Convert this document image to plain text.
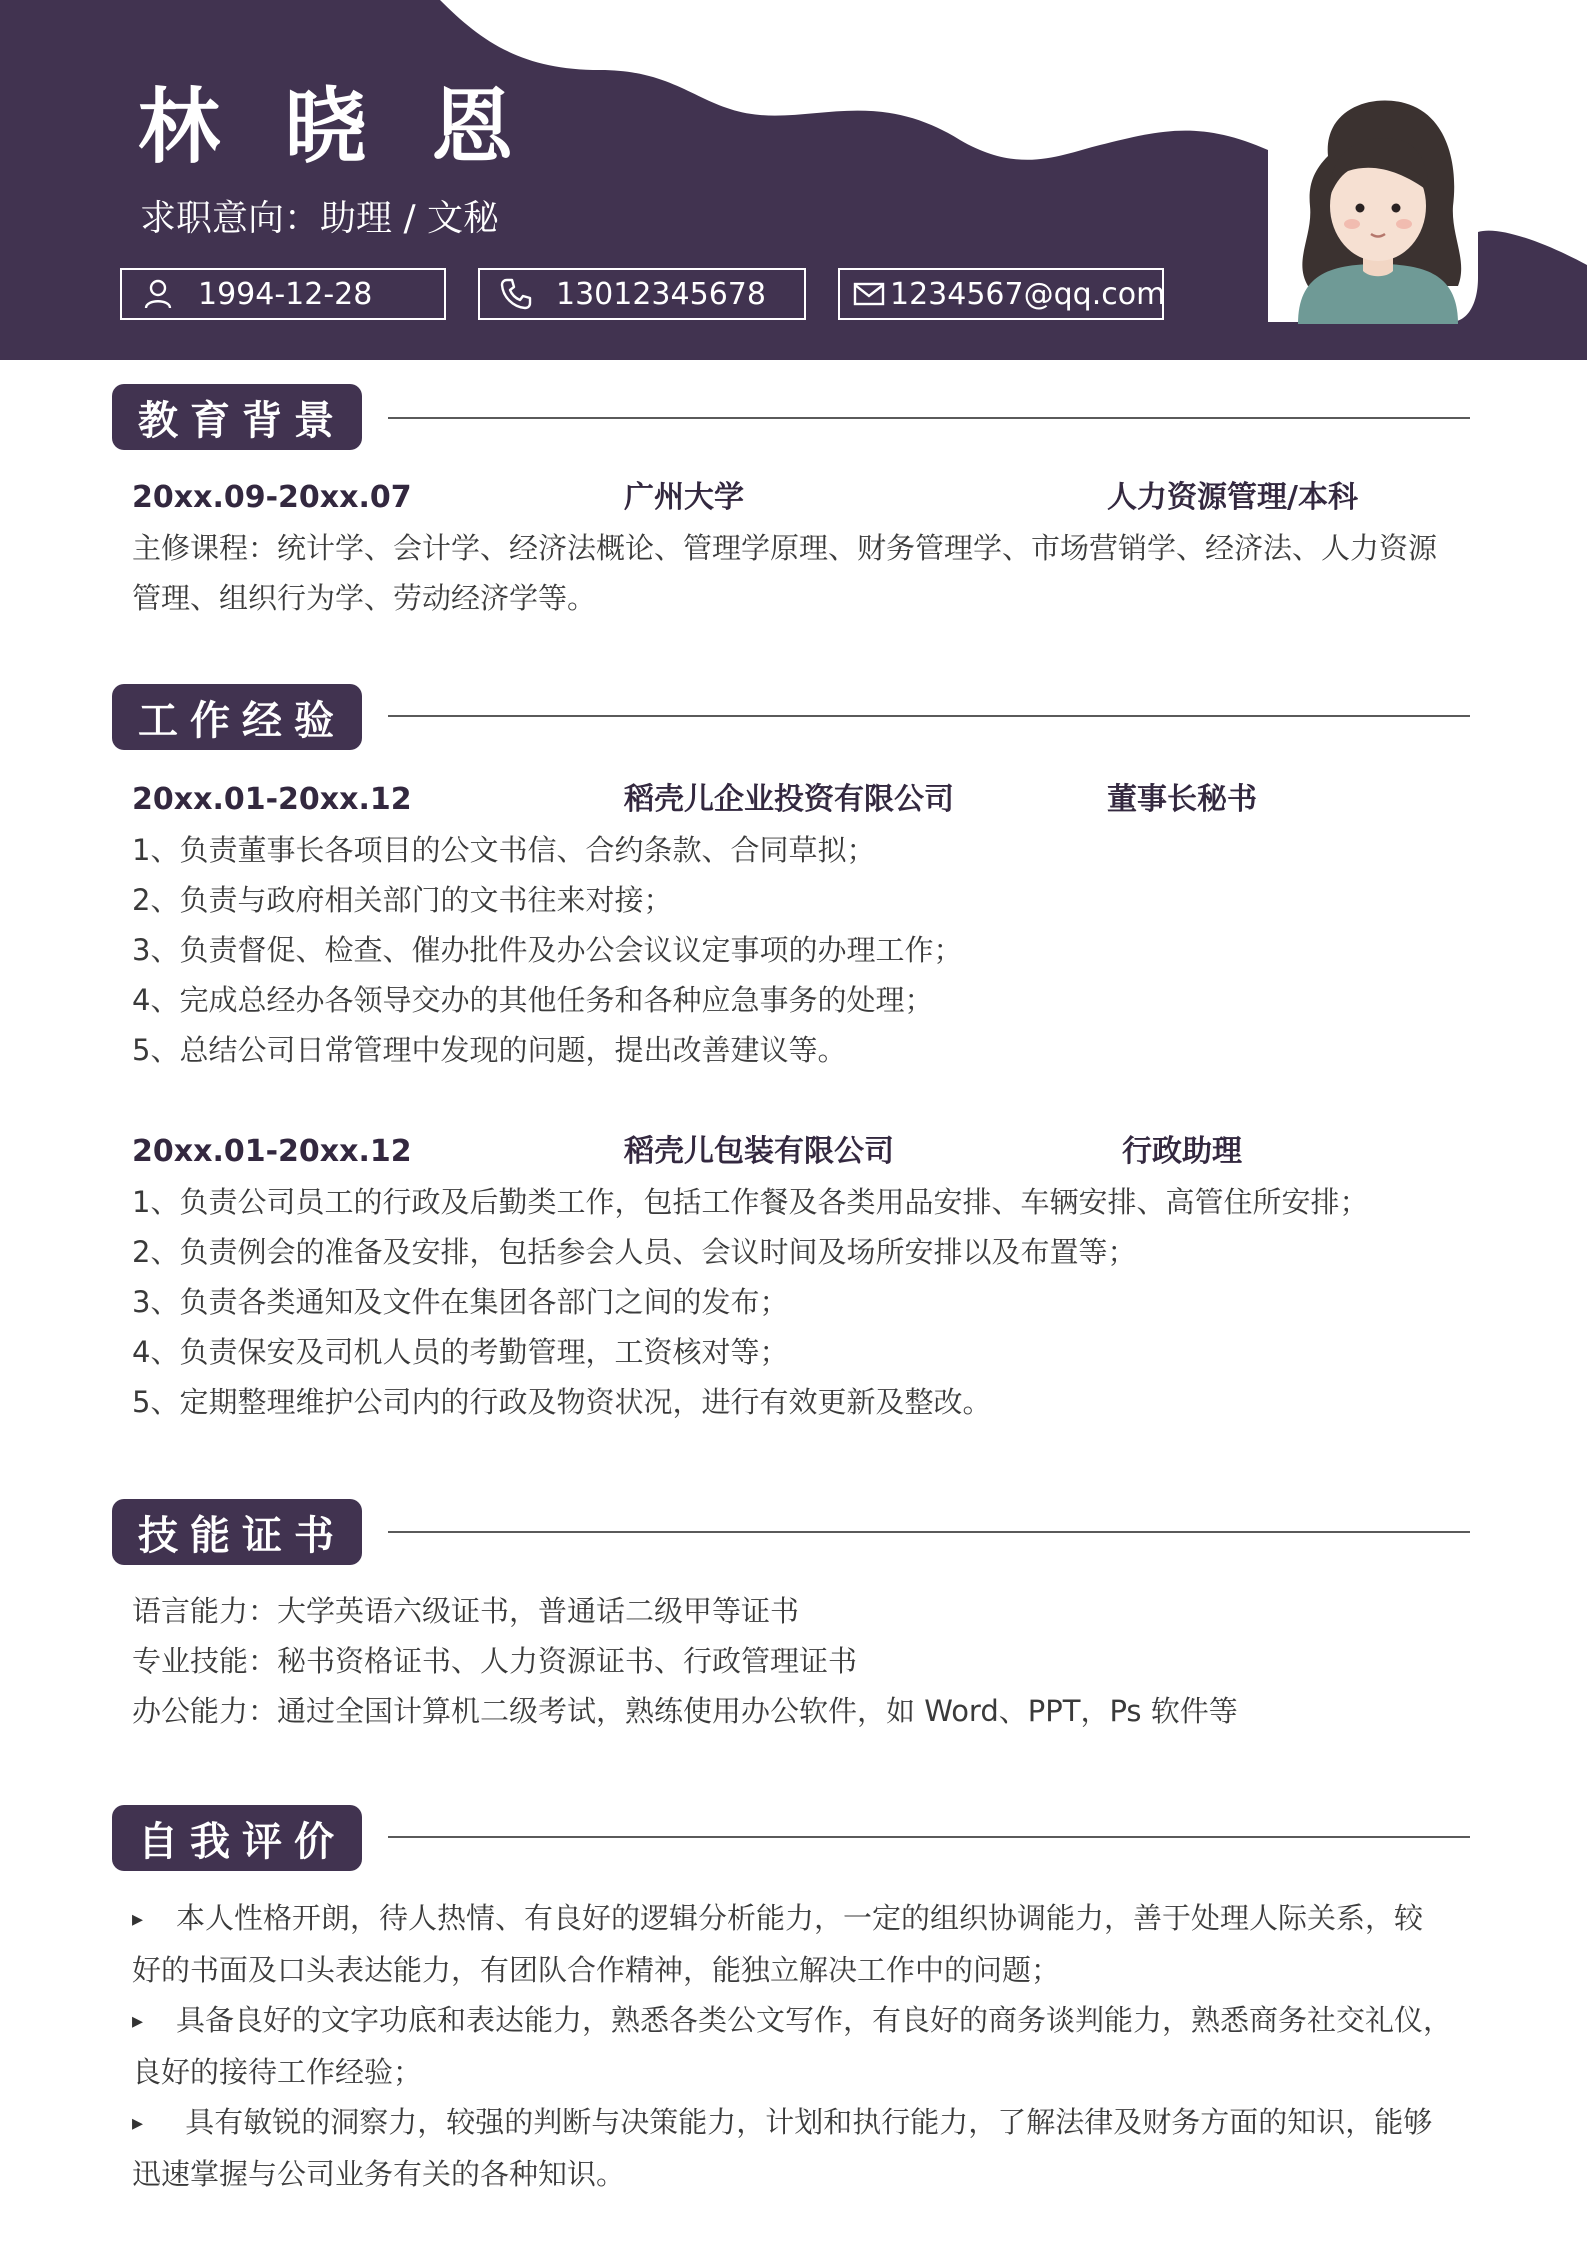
林 晓 恩
求职意向：助理 / 文秘
1994-12-28	13012345678	1234567@qq.com
教育背景
20xx.09-20xx.07	广州大学	人力资源管理/本科
主修课程：统计学、会计学、经济法概论、管理学原理、财务管理学、市场营销学、经济法、人力资源
管理、组织行为学、劳动经济学等。
工作经验
20xx.01-20xx.12	稻壳儿企业投资有限公司	董事长秘书
1、负责董事长各项目的公文书信、合约条款、合同草拟；
2、负责与政府相关部门的文书往来对接；
3、负责督促、检查、催办批件及办公会议议定事项的办理工作；
4、完成总经办各领导交办的其他任务和各种应急事务的处理；
5、总结公司日常管理中发现的问题，提出改善建议等。
20xx.01-20xx.12	稻壳儿包装有限公司	行政助理
1、负责公司员工的行政及后勤类工作，包括工作餐及各类用品安排、车辆安排、高管住所安排；
2、负责例会的准备及安排，包括参会人员、会议时间及场所安排以及布置等；
3、负责各类通知及文件在集团各部门之间的发布；
4、负责保安及司机人员的考勤管理，工资核对等；
5、定期整理维护公司内的行政及物资状况，进行有效更新及整改。
技能证书
语言能力：大学英语六级证书，普通话二级甲等证书
专业技能：秘书资格证书、人力资源证书、行政管理证书
办公能力：通过全国计算机二级考试，熟练使用办公软件，如 Word、PPT，Ps 软件等
自我评价
▸ 本人性格开朗，待人热情、有良好的逻辑分析能力，一定的组织协调能力，善于处理人际关系，较
好的书面及口头表达能力，有团队合作精神，能独立解决工作中的问题；
▸ 具备良好的文字功底和表达能力，熟悉各类公文写作，有良好的商务谈判能力，熟悉商务社交礼仪，
良好的接待工作经验；
▸ 具有敏锐的洞察力，较强的判断与决策能力，计划和执行能力，了解法律及财务方面的知识，能够
迅速掌握与公司业务有关的各种知识。
